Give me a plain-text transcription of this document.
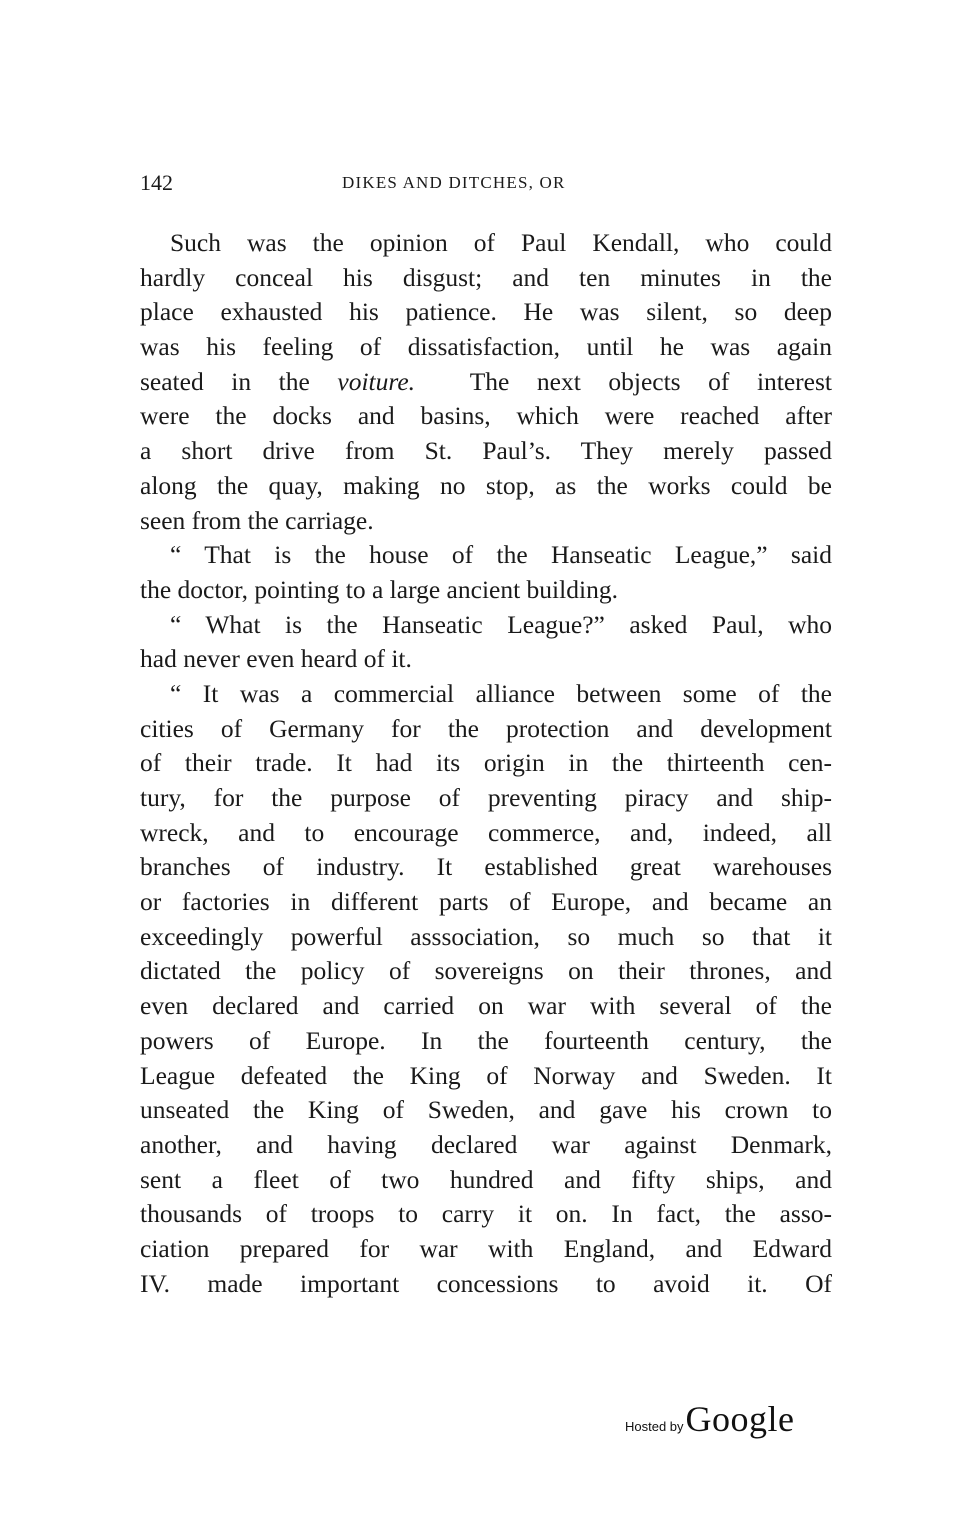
142	DIKES AND DITCHES, OR
Such was the opinion of Paul Kendall, who could
hardly conceal his disgust; and ten minutes in the
place exhausted his patience. He was silent, so deep
was his feeling of dissatisfaction, until he was again
seated in the voiture.  The next objects of interest
were the docks and basins, which were reached after
a short drive from St. Paul’s. They merely passed
along the quay, making no stop, as the works could be
seen from the carriage.
“ That is the house of the Hanseatic League,” said
the doctor, pointing to a large ancient building.
“ What is the Hanseatic League?” asked Paul, who
had never even heard of it.
“ It was a commercial alliance between some of the
cities of Germany for the protection and development
of their trade. It had its origin in the thirteenth cen-
tury, for the purpose of preventing piracy and ship-
wreck, and to encourage commerce, and, indeed, all
branches of industry. It established great warehouses
or factories in different parts of Europe, and became an
exceedingly powerful asssociation, so much so that it
dictated the policy of sovereigns on their thrones, and
even declared and carried on war with several of the
powers of Europe. In the fourteenth century, the
League defeated the King of Norway and Sweden. It
unseated the King of Sweden, and gave his crown to
another, and having declared war against Denmark,
sent a fleet of two hundred and fifty ships, and
thousands of troops to carry it on. In fact, the asso-
ciation prepared for war with England, and Edward
IV. made important concessions to avoid it. Of
Hosted by Google
